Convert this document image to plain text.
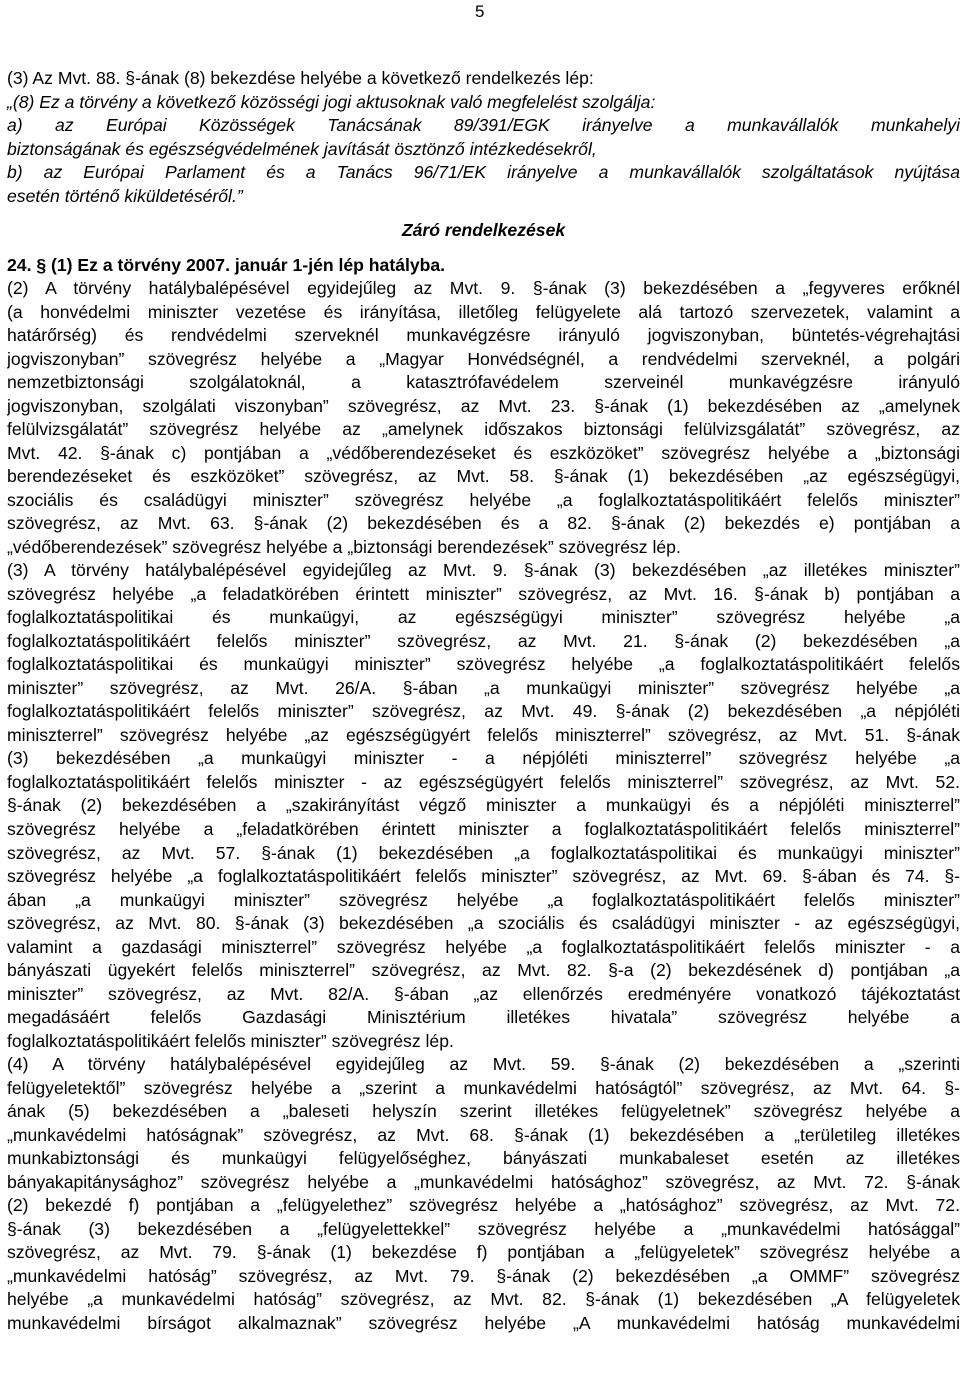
5
(3) Az Mvt. 88. §-ának (8) bekezdése helyébe a következő rendelkezés lép:
„(8) Ez a törvény a következő közösségi jogi aktusoknak való megfelelést szolgálja:
a) az Európai Közösségek Tanácsának 89/391/EGK irányelve a munkavállalók munkahelyi
biztonságának és egészségvédelmének javítását ösztönző intézkedésekről,
b) az Európai Parlament és a Tanács 96/71/EK irányelve a munkavállalók szolgáltatások nyújtása
esetén történő kiküldetéséről.”
Záró rendelkezések
24. § (1) Ez a törvény 2007. január 1-jén lép hatályba.
(2) A törvény hatálybalépésével egyidejűleg az Mvt. 9. §-ának (3) bekezdésében a „fegyveres erőknél
(a honvédelmi miniszter vezetése és irányítása, illetőleg felügyelete alá tartozó szervezetek, valamint a
határőrség) és rendvédelmi szerveknél munkavégzésre irányuló jogviszonyban, büntetés-végrehajtási
jogviszonyban” szövegrész helyébe a „Magyar Honvédségnél, a rendvédelmi szerveknél, a polgári
nemzetbiztonsági szolgálatoknál, a katasztrófavédelem szerveinél munkavégzésre irányuló
jogviszonyban, szolgálati viszonyban” szövegrész, az Mvt. 23. §-ának (1) bekezdésében az „amelynek
felülvizsgálatát” szövegrész helyébe az „amelynek időszakos biztonsági felülvizsgálatát” szövegrész, az
Mvt. 42. §-ának c) pontjában a „védőberendezéseket és eszközöket” szövegrész helyébe a „biztonsági
berendezéseket és eszközöket” szövegrész, az Mvt. 58. §-ának (1) bekezdésében „az egészségügyi,
szociális és családügyi miniszter” szövegrész helyébe „a foglalkoztatáspolitikáért felelős miniszter”
szövegrész, az Mvt. 63. §-ának (2) bekezdésében és a 82. §-ának (2) bekezdés e) pontjában a
„védőberendezések” szövegrész helyébe a „biztonsági berendezések” szövegrész lép.
(3) A törvény hatálybalépésével egyidejűleg az Mvt. 9. §-ának (3) bekezdésében „az illetékes miniszter”
szövegrész helyébe „a feladatkörében érintett miniszter” szövegrész, az Mvt. 16. §-ának b) pontjában a
foglalkoztatáspolitikai és munkaügyi, az egészségügyi miniszter” szövegrész helyébe „a
foglalkoztatáspolitikáért felelős miniszter” szövegrész, az Mvt. 21. §-ának (2) bekezdésében „a
foglalkoztatáspolitikai és munkaügyi miniszter” szövegrész helyébe „a foglalkoztatáspolitikáért felelős
miniszter” szövegrész, az Mvt. 26/A. §-ában „a munkaügyi miniszter” szövegrész helyébe „a
foglalkoztatáspolitikáért felelős miniszter” szövegrész, az Mvt. 49. §-ának (2) bekezdésében „a népjóléti
miniszterrel” szövegrész helyébe „az egészségügyért felelős miniszterrel” szövegrész, az Mvt. 51. §-ának
(3) bekezdésében „a munkaügyi miniszter - a népjóléti miniszterrel” szövegrész helyébe „a
foglalkoztatáspolitikáért felelős miniszter - az egészségügyért felelős miniszterrel” szövegrész, az Mvt. 52.
§-ának (2) bekezdésében a „szakirányítást végző miniszter a munkaügyi és a népjóléti miniszterrel”
szövegrész helyébe a „feladatkörében érintett miniszter a foglalkoztatáspolitikáért felelős miniszterrel”
szövegrész, az Mvt. 57. §-ának (1) bekezdésében „a foglalkoztatáspolitikai és munkaügyi miniszter”
szövegrész helyébe „a foglalkoztatáspolitikáért felelős miniszter” szövegrész, az Mvt. 69. §-ában és 74. §-
ában „a munkaügyi miniszter” szövegrész helyébe „a foglalkoztatáspolitikáért felelős miniszter”
szövegrész, az Mvt. 80. §-ának (3) bekezdésében „a szociális és családügyi miniszter - az egészségügyi,
valamint a gazdasági miniszterrel” szövegrész helyébe „a foglalkoztatáspolitikáért felelős miniszter - a
bányászati ügyekért felelős miniszterrel” szövegrész, az Mvt. 82. §-a (2) bekezdésének d) pontjában „a
miniszter” szövegrész, az Mvt. 82/A. §-ában „az ellenőrzés eredményére vonatkozó tájékoztatást
megadásáért felelős Gazdasági Minisztérium illetékes hivatala” szövegrész helyébe a
foglalkoztatáspolitikáért felelős miniszter” szövegrész lép.
(4) A törvény hatálybalépésével egyidejűleg az Mvt. 59. §-ának (2) bekezdésében a „szerinti
felügyeletektől” szövegrész helyébe a „szerint a munkavédelmi hatóságtól” szövegrész, az Mvt. 64. §-
ának (5) bekezdésében a „baleseti helyszín szerint illetékes felügyeletnek” szövegrész helyébe a
„munkavédelmi hatóságnak” szövegrész, az Mvt. 68. §-ának (1) bekezdésében a „területileg illetékes
munkabiztonsági és munkaügyi felügyelőséghez, bányászati munkabaleset esetén az illetékes
bányakapitánysághoz” szövegrész helyébe a „munkavédelmi hatósághoz” szövegrész, az Mvt. 72. §-ának
(2) bekezdé f) pontjában a „felügyelethez” szövegrész helyébe a „hatósághoz” szövegrész, az Mvt. 72.
§-ának (3) bekezdésében a „felügyelettekkel” szövegrész helyébe a „munkavédelmi hatósággal”
szövegrész, az Mvt. 79. §-ának (1) bekezdése f) pontjában a „felügyeletek” szövegrész helyébe a
„munkavédelmi hatóság” szövegrész, az Mvt. 79. §-ának (2) bekezdésében „a OMMF” szövegrész
helyébe „a munkavédelmi hatóság” szövegrész, az Mvt. 82. §-ának (1) bekezdésében „A felügyeletek
munkavédelmi bírságot alkalmaznak” szövegrész helyébe „A munkavédelmi hatóság munkavédelmi
